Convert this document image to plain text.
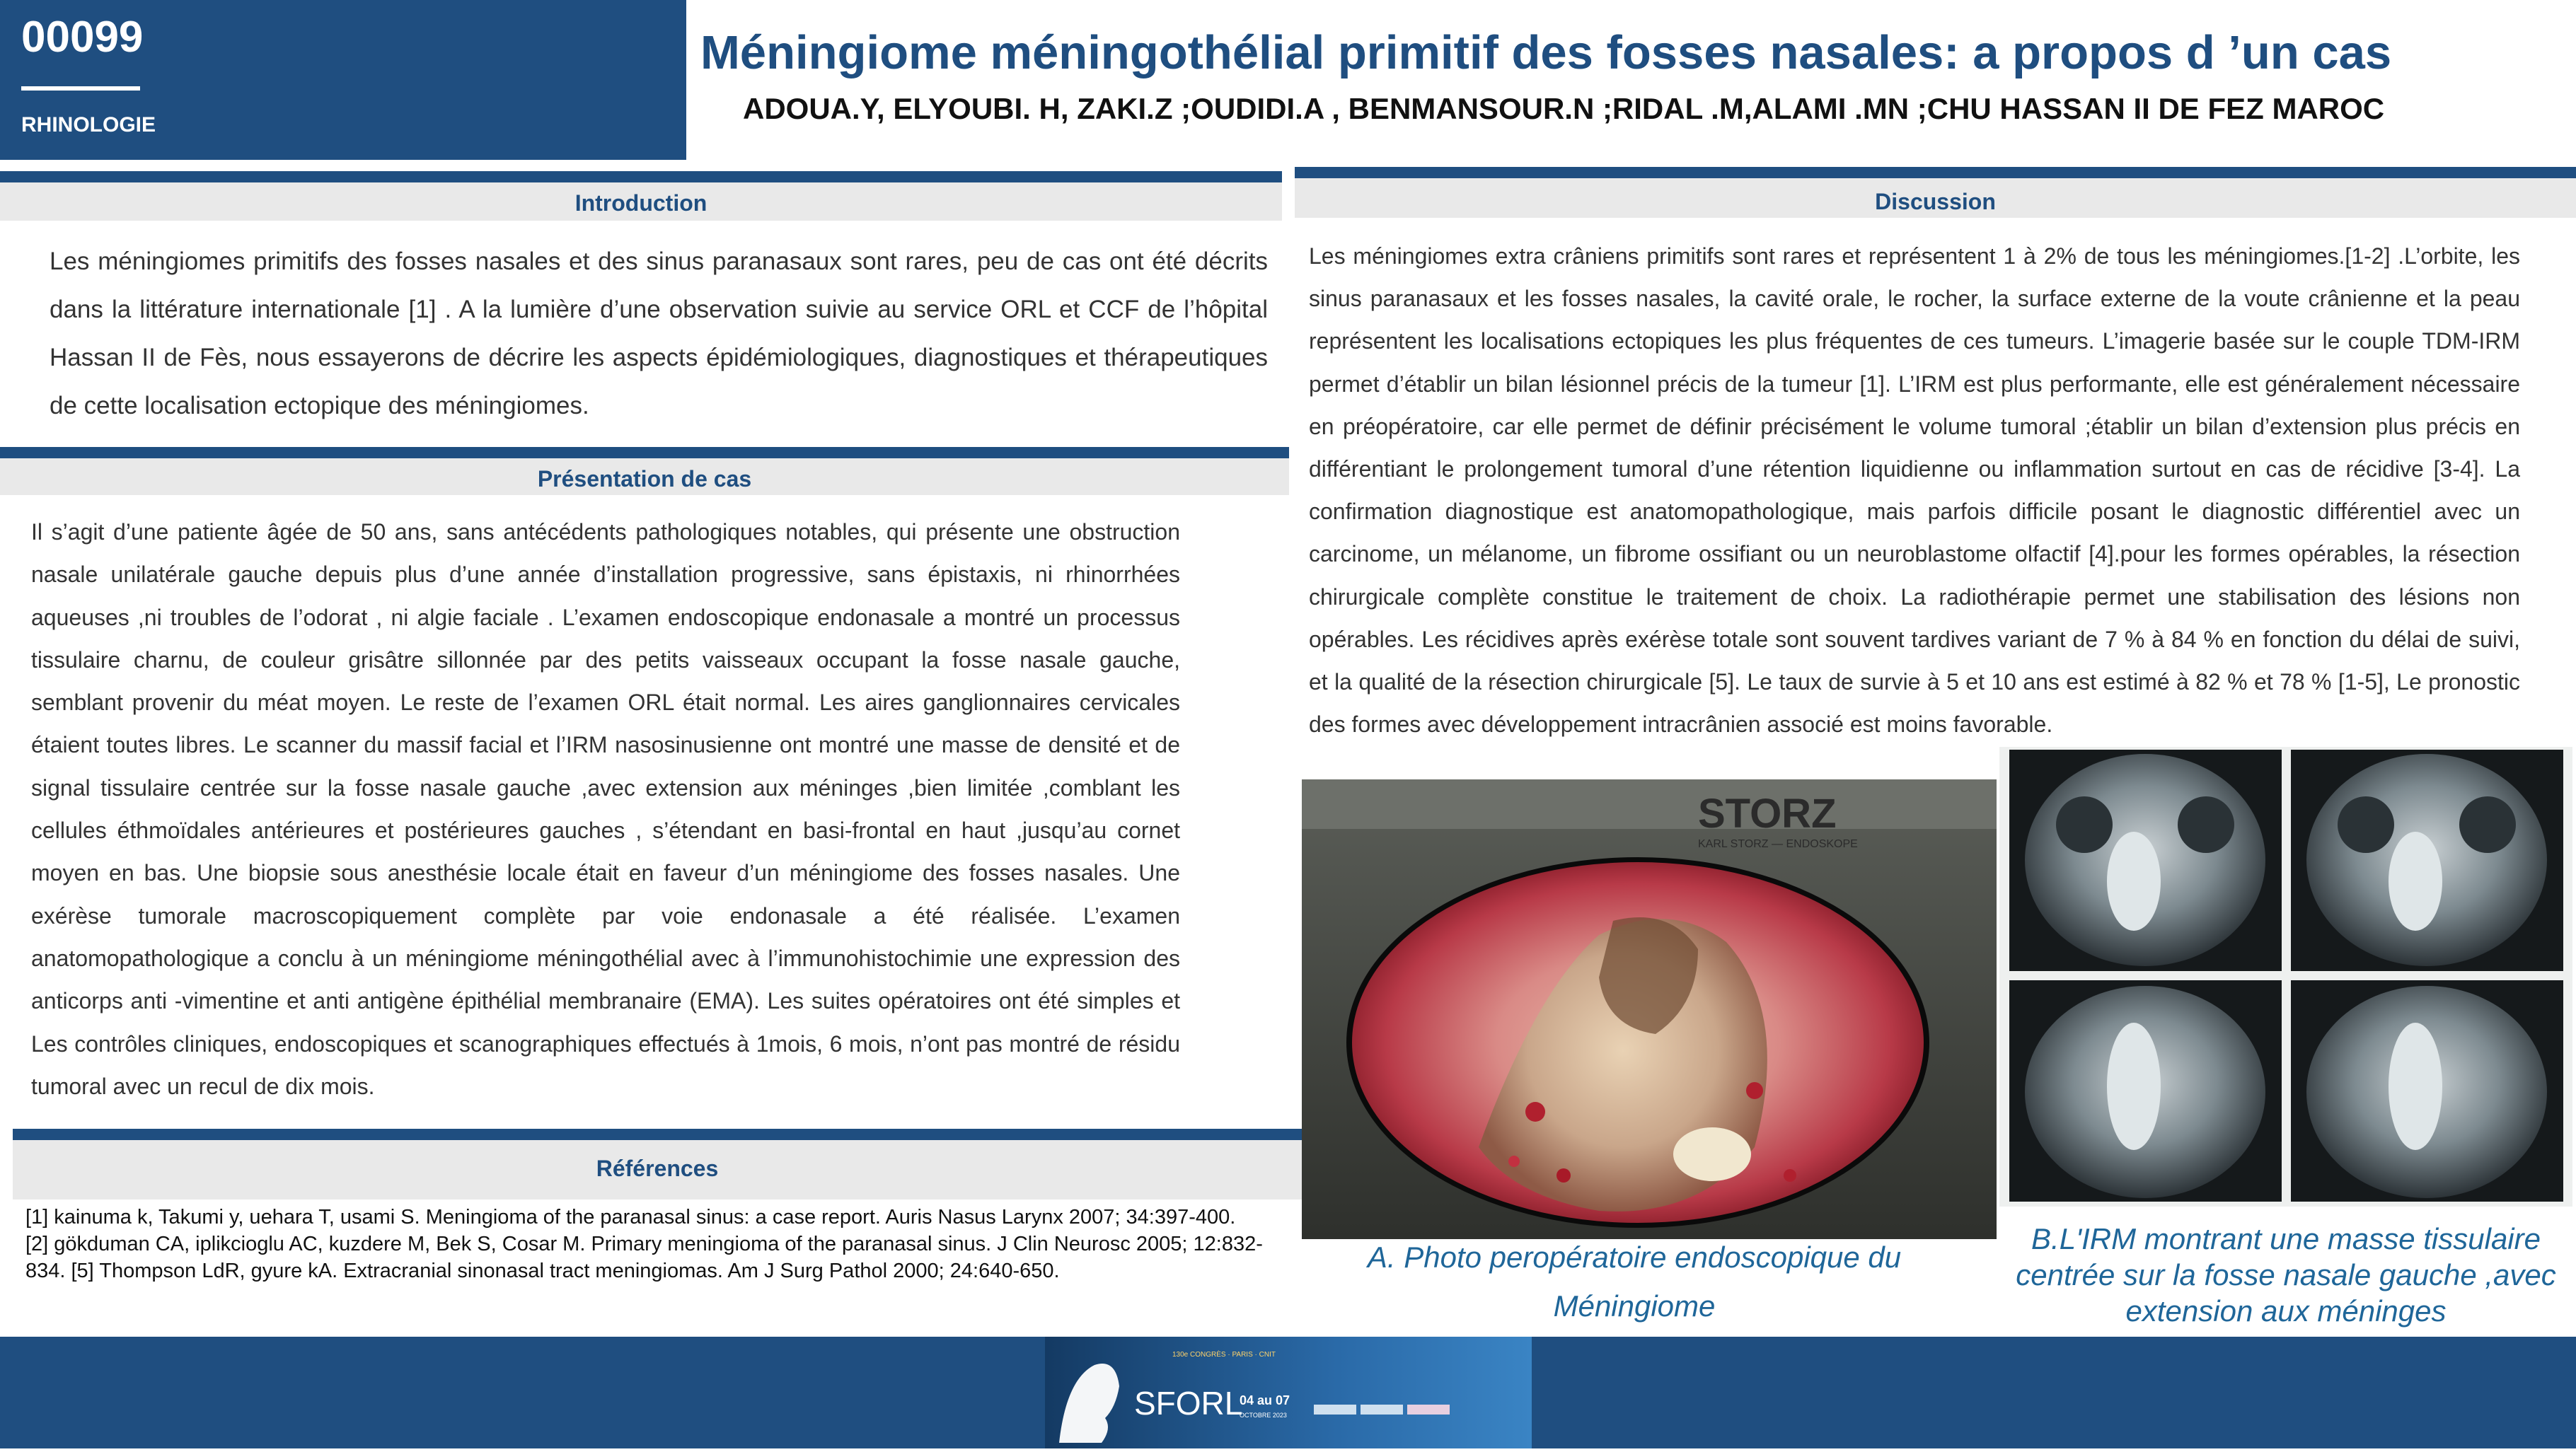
00099
RHINOLOGIE
Méningiome méningothélial primitif des fosses nasales: a propos d ’un cas
ADOUA.Y, ELYOUBI. H, ZAKI.Z ;OUDIDI.A , BENMANSOUR.N ;RIDAL .M,ALAMI .MN ;CHU HASSAN II DE FEZ MAROC
Introduction
Les méningiomes primitifs des fosses nasales et des sinus paranasaux sont rares, peu de cas ont été décrits dans la littérature internationale [1] . A la lumière d’une observation suivie au service ORL et CCF de l’hôpital Hassan II de Fès, nous essayerons de décrire les aspects épidémiologiques, diagnostiques et thérapeutiques de cette localisation ectopique des méningiomes.
Présentation de cas
Il s’agit d’une patiente âgée de 50 ans, sans antécédents pathologiques notables, qui présente une obstruction nasale unilatérale gauche depuis plus d’une année d’installation progressive, sans épistaxis, ni rhinorrhées aqueuses ,ni troubles de l’odorat , ni algie faciale . L’examen endoscopique endonasale a montré un processus tissulaire charnu, de couleur grisâtre sillonnée par des petits vaisseaux occupant la fosse nasale gauche, semblant provenir du méat moyen. Le reste de l’examen ORL était normal. Les aires ganglionnaires cervicales étaient toutes libres. Le scanner du massif facial et l’IRM nasosinusienne ont montré une masse de densité et de signal tissulaire centrée sur la fosse nasale gauche ,avec extension aux méninges ,bien limitée ,comblant les cellules éthmoïdales antérieures et postérieures gauches , s’étendant en basi-frontal en haut ,jusqu’au cornet moyen en bas. Une biopsie sous anesthésie locale était en faveur d’un méningiome des fosses nasales. Une exérèse tumorale macroscopiquement complète par voie endonasale a été réalisée. L’examen anatomopathologique a conclu à un méningiome méningothélial avec à l’immunohistochimie une expression des anticorps anti -vimentine et anti antigène épithélial membranaire (EMA). Les suites opératoires ont été simples et Les contrôles cliniques, endoscopiques et scanographiques effectués à 1mois, 6 mois, n’ont pas montré de résidu tumoral avec un recul de dix mois.
Références
[1] kainuma k, Takumi y, uehara T, usami S. Meningioma of the paranasal sinus: a case report. Auris Nasus Larynx 2007; 34:397-400.
[2] gökduman CA, iplikcioglu AC, kuzdere M, Bek S, Cosar M. Primary meningioma of the paranasal sinus. J Clin Neurosc 2005; 12:832-834. [5] Thompson LdR, gyure kA. Extracranial sinonasal tract meningiomas. Am J Surg Pathol 2000; 24:640-650.
Discussion
Les méningiomes extra crâniens primitifs sont rares et représentent 1 à 2% de tous les méningiomes.[1-2] .L’orbite, les sinus paranasaux et les fosses nasales, la cavité orale, le rocher, la surface externe de la voute crânienne et la peau représentent les localisations ectopiques les plus fréquentes de ces tumeurs. L’imagerie basée sur le couple TDM-IRM permet d’établir un bilan lésionnel précis de la tumeur [1]. L’IRM est plus performante, elle est généralement nécessaire en préopératoire, car elle permet de définir précisément le volume tumoral ;établir un bilan d’extension plus précis en différentiant le prolongement tumoral d’une rétention liquidienne ou inflammation surtout en cas de récidive [3-4]. La confirmation diagnostique est anatomopathologique, mais parfois difficile posant le diagnostic différentiel avec un carcinome, un mélanome, un fibrome ossifiant ou un neuroblastome olfactif [4].pour les formes opérables, la résection chirurgicale complète constitue le traitement de choix. La radiothérapie permet une stabilisation des lésions non opérables. Les récidives après exérèse totale sont souvent tardives variant de 7 % à 84 % en fonction du délai de suivi, et la qualité de la résection chirurgicale [5]. Le taux de survie à 5 et 10 ans est estimé à 82 % et 78 % [1-5], Le pronostic des formes avec développement intracrânien associé est moins favorable.
STORZ
KARL STORZ — ENDOSKOPE
A. Photo peropératoire endoscopique du
Méningiome
B.L'IRM montrant une masse tissulaire centrée sur la fosse nasale gauche ,avec extension aux méninges
130e CONGRÈS · PARIS · CNIT
SFORL
04 au 07
OCTOBRE 2023
